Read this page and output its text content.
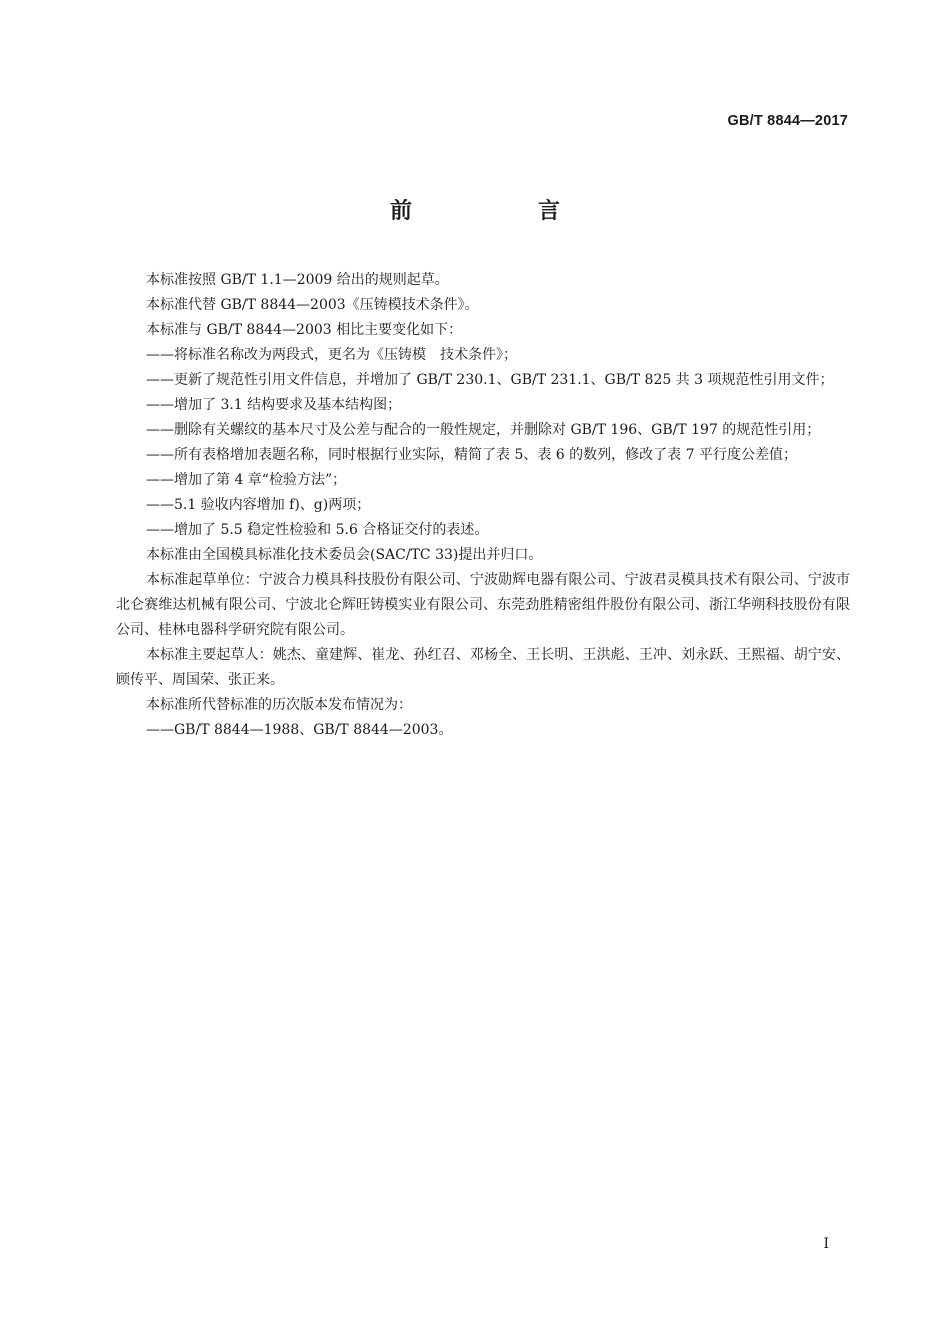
GB/T 8844—2017
前　言

本标准按照 GB/T 1.1—2009 给出的规则起草。

本标准代替 GB/T 8844—2003《压铸模技术条件》。

本标准与 GB/T 8844—2003 相比主要变化如下：

——将标准名称改为两段式，更名为《压铸模　技术条件》；

——更新了规范性引用文件信息，并增加了 GB/T 230.1、GB/T 231.1、GB/T 825 共 3 项规范性引用文件；

——增加了 3.1 结构要求及基本结构图；

——删除有关螺纹的基本尺寸及公差与配合的一般性规定，并删除对 GB/T 196、GB/T 197 的规范性引用；

——所有表格增加表题名称，同时根据行业实际，精简了表 5、表 6 的数列，修改了表 7 平行度公差值；

——增加了第 4 章“检验方法”；

——5.1 验收内容增加 f)、g)两项；

——增加了 5.5 稳定性检验和 5.6 合格证交付的表述。

本标准由全国模具标准化技术委员会(SAC/TC 33)提出并归口。

本标准起草单位：宁波合力模具科技股份有限公司、宁波勋辉电器有限公司、宁波君灵模具技术有限公司、宁波市北仑赛维达机械有限公司、宁波北仑辉旺铸模实业有限公司、东莞劲胜精密组件股份有限公司、浙江华朔科技股份有限公司、桂林电器科学研究院有限公司。

本标准主要起草人：姚杰、童建辉、崔龙、孙红召、邓杨全、王长明、王洪彪、王冲、刘永跃、王熙福、胡宁安、顾传平、周国荣、张正来。

本标准所代替标准的历次版本发布情况为：

——GB/T 8844—1988、GB/T 8844—2003。

I
